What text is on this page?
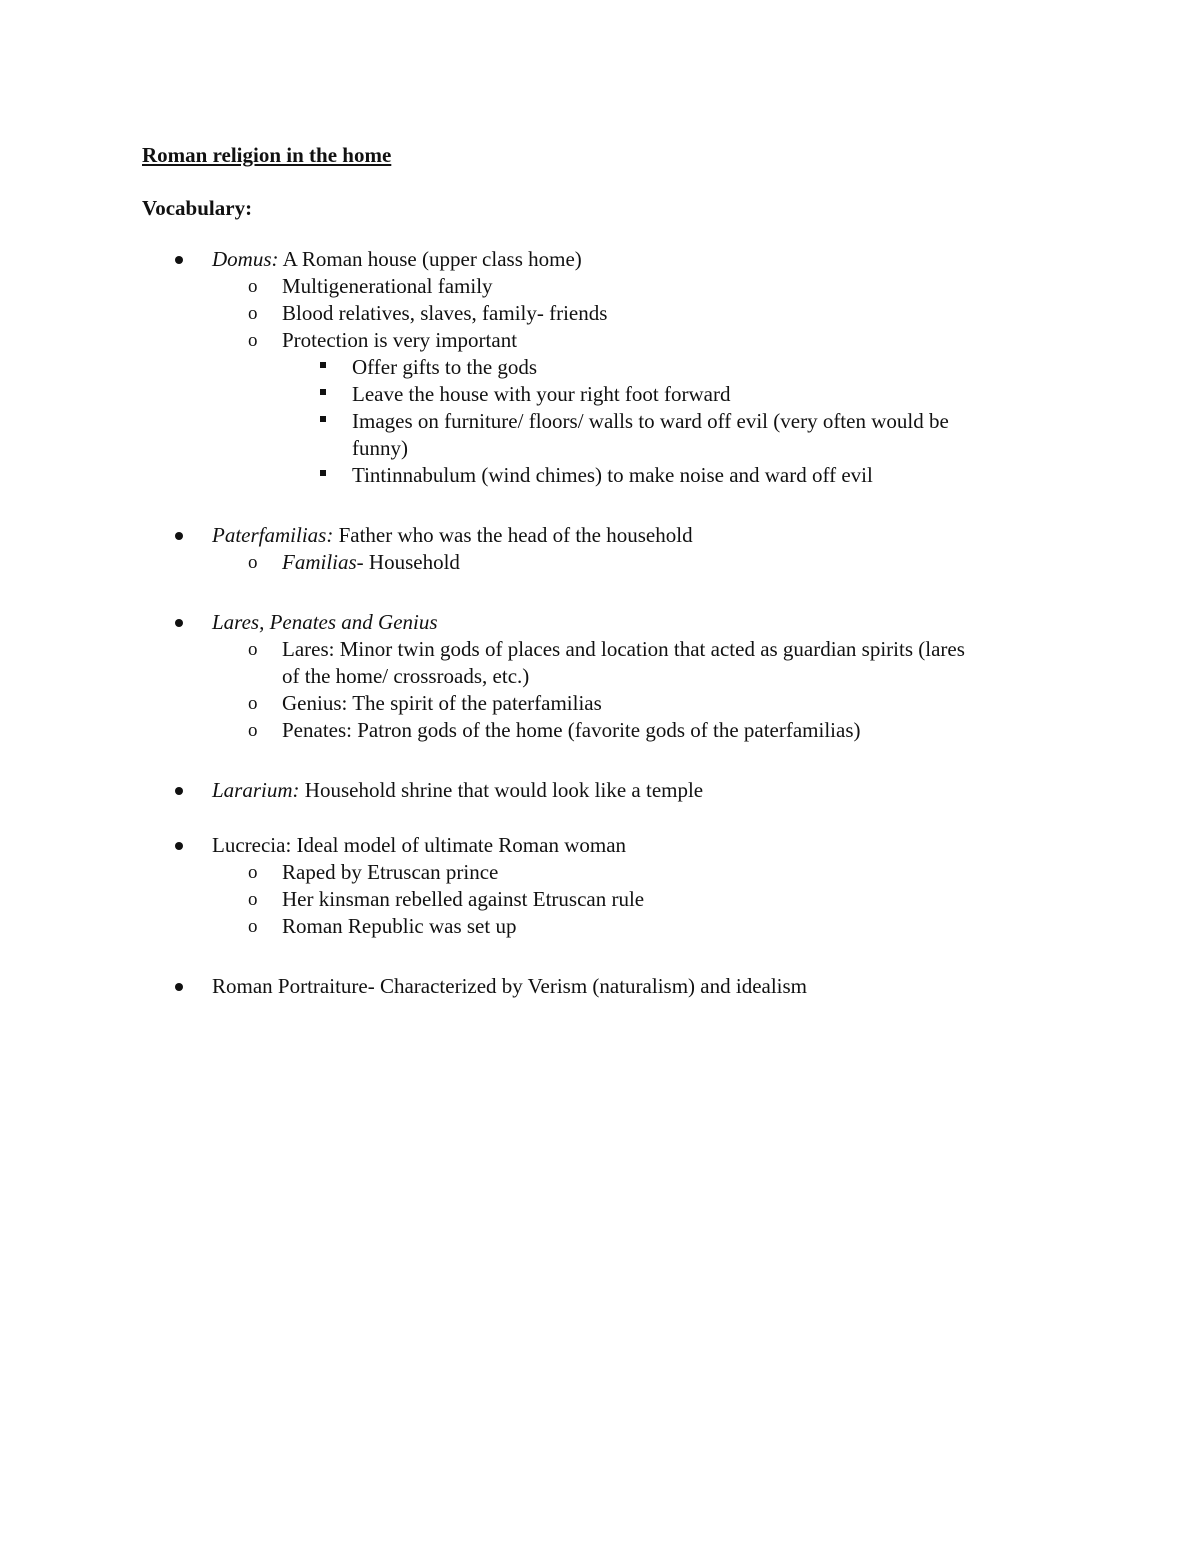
Roman religion in the home
Vocabulary:
Domus: A Roman house (upper class home)
o Multigenerational family
o Blood relatives, slaves, family- friends
o Protection is very important
Offer gifts to the gods
Leave the house with your right foot forward
Images on furniture/ floors/ walls to ward off evil (very often would be
funny)
Tintinnabulum (wind chimes) to make noise and ward off evil
Paterfamilias: Father who was the head of the household
o Familias- Household
Lares, Penates and Genius
o Lares: Minor twin gods of places and location that acted as guardian spirits (lares
of the home/ crossroads, etc.)
o Genius: The spirit of the paterfamilias
o Penates: Patron gods of the home (favorite gods of the paterfamilias)
Lararium: Household shrine that would look like a temple
Lucrecia: Ideal model of ultimate Roman woman
o Raped by Etruscan prince
o Her kinsman rebelled against Etruscan rule
o Roman Republic was set up
Roman Portraiture- Characterized by Verism (naturalism) and idealism
